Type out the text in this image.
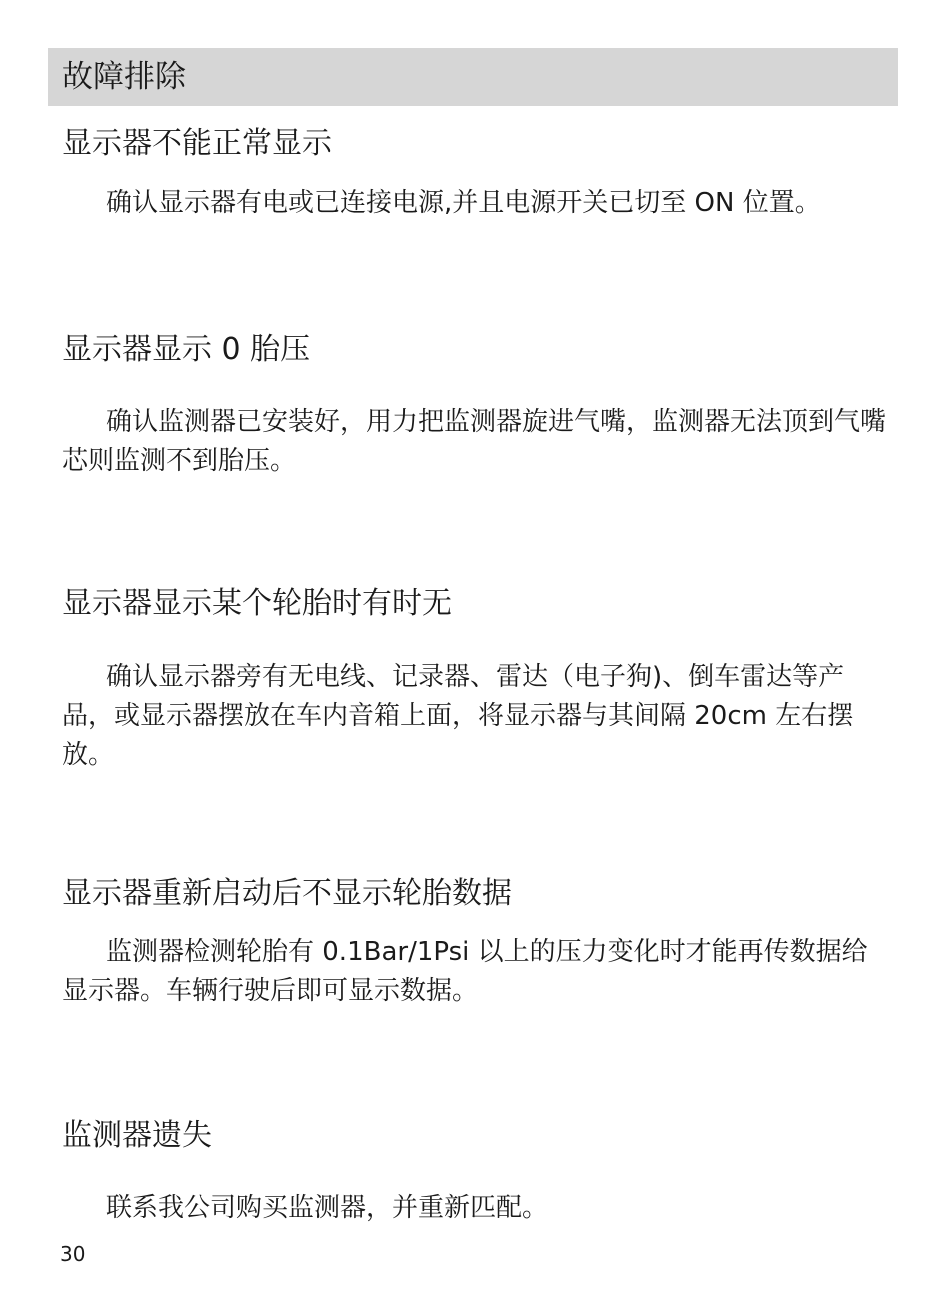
故障排除
显示器不能正常显示

确认显示器有电或已连接电源,并且电源开关已切至 ON 位置。

显示器显示 0 胎压

确认监测器已安装好，用力把监测器旋进气嘴，监测器无法顶到气嘴芯则监测不到胎压。

显示器显示某个轮胎时有时无

确认显示器旁有无电线、记录器、雷达（电子狗)、倒车雷达等产品，或显示器摆放在车内音箱上面，将显示器与其间隔 20cm 左右摆放。

显示器重新启动后不显示轮胎数据

监测器检测轮胎有 0.1Bar/1Psi 以上的压力变化时才能再传数据给显示器。车辆行驶后即可显示数据。

监测器遗失

联系我公司购买监测器，并重新匹配。

30
